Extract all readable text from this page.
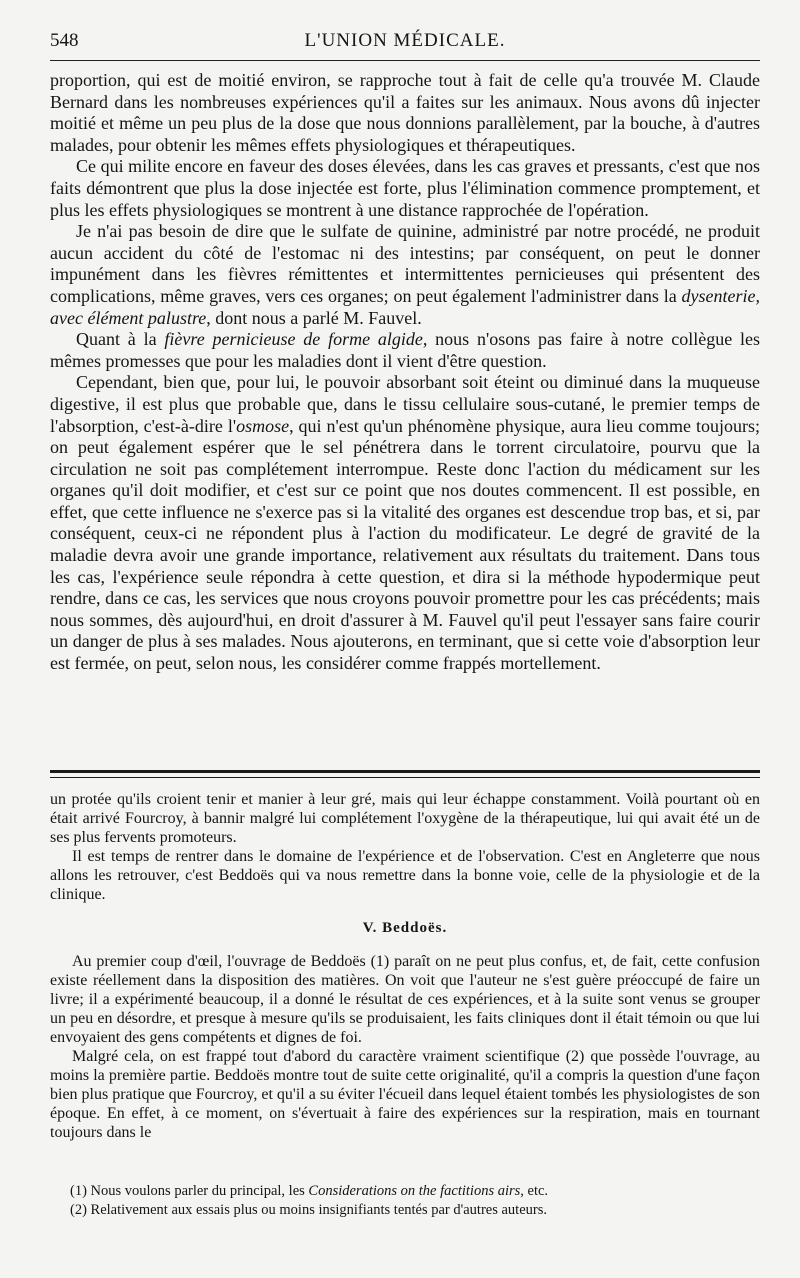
548	L'UNION MÉDICALE.

proportion, qui est de moitié environ, se rapproche tout à fait de celle qu'a trouvée M. Claude Bernard dans les nombreuses expériences qu'il a faites sur les animaux. Nous avons dû injecter moitié et même un peu plus de la dose que nous donnions parallèlement, par la bouche, à d'autres malades, pour obtenir les mêmes effets physiologiques et thérapeutiques.

Ce qui milite encore en faveur des doses élevées, dans les cas graves et pressants, c'est que nos faits démontrent que plus la dose injectée est forte, plus l'élimination commence promptement, et plus les effets physiologiques se montrent à une distance rapprochée de l'opération.

Je n'ai pas besoin de dire que le sulfate de quinine, administré par notre procédé, ne produit aucun accident du côté de l'estomac ni des intestins; par conséquent, on peut le donner impunément dans les fièvres rémittentes et intermittentes pernicieuses qui présentent des complications, même graves, vers ces organes; on peut également l'administrer dans la dysenterie, avec élément palustre, dont nous a parlé M. Fauvel.

Quant à la fièvre pernicieuse de forme algide, nous n'osons pas faire à notre collègue les mêmes promesses que pour les maladies dont il vient d'être question.

Cependant, bien que, pour lui, le pouvoir absorbant soit éteint ou diminué dans la muqueuse digestive, il est plus que probable que, dans le tissu cellulaire sous-cutané, le premier temps de l'absorption, c'est-à-dire l'osmose, qui n'est qu'un phénomène physique, aura lieu comme toujours; on peut également espérer que le sel pénétrera dans le torrent circulatoire, pourvu que la circulation ne soit pas complétement interrompue. Reste donc l'action du médicament sur les organes qu'il doit modifier, et c'est sur ce point que nos doutes commencent. Il est possible, en effet, que cette influence ne s'exerce pas si la vitalité des organes est descendue trop bas, et si, par conséquent, ceux-ci ne répondent plus à l'action du modificateur. Le degré de gravité de la maladie devra avoir une grande importance, relativement aux résultats du traitement. Dans tous les cas, l'expérience seule répondra à cette question, et dira si la méthode hypodermique peut rendre, dans ce cas, les services que nous croyons pouvoir promettre pour les cas précédents; mais nous sommes, dès aujourd'hui, en droit d'assurer à M. Fauvel qu'il peut l'essayer sans faire courir un danger de plus à ses malades. Nous ajouterons, en terminant, que si cette voie d'absorption leur est fermée, on peut, selon nous, les considérer comme frappés mortellement.

un protée qu'ils croient tenir et manier à leur gré, mais qui leur échappe constamment. Voilà pourtant où en était arrivé Fourcroy, à bannir malgré lui complétement l'oxygène de la thérapeutique, lui qui avait été un de ses plus fervents promoteurs.

Il est temps de rentrer dans le domaine de l'expérience et de l'observation. C'est en Angleterre que nous allons les retrouver, c'est Beddoës qui va nous remettre dans la bonne voie, celle de la physiologie et de la clinique.

V. Beddoës.

Au premier coup d'œil, l'ouvrage de Beddoës (1) paraît on ne peut plus confus, et, de fait, cette confusion existe réellement dans la disposition des matières. On voit que l'auteur ne s'est guère préoccupé de faire un livre; il a expérimenté beaucoup, il a donné le résultat de ces expériences, et à la suite sont venus se grouper un peu en désordre, et presque à mesure qu'ils se produisaient, les faits cliniques dont il était témoin ou que lui envoyaient des gens compétents et dignes de foi.

Malgré cela, on est frappé tout d'abord du caractère vraiment scientifique (2) que possède l'ouvrage, au moins la première partie. Beddoës montre tout de suite cette originalité, qu'il a compris la question d'une façon bien plus pratique que Fourcroy, et qu'il a su éviter l'écueil dans lequel étaient tombés les physiologistes de son époque. En effet, à ce moment, on s'évertuait à faire des expériences sur la respiration, mais en tournant toujours dans le

(1) Nous voulons parler du principal, les Considerations on the factitions airs, etc.

(2) Relativement aux essais plus ou moins insignifiants tentés par d'autres auteurs.
